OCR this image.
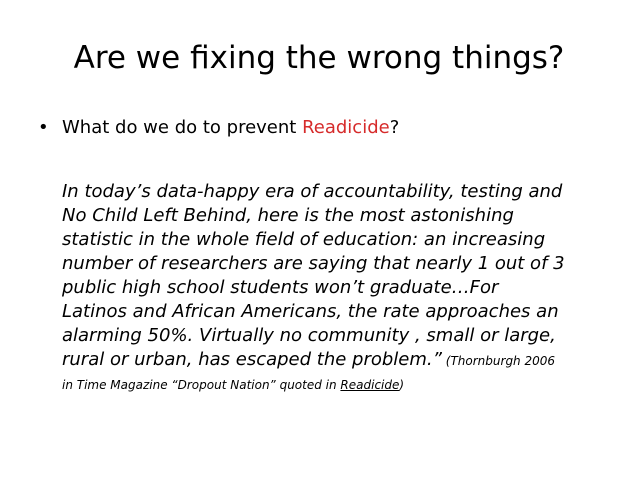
Are we fixing the wrong things?
• What do we do to prevent Readicide?
In today’s data-happy era of accountability, testing and
No Child Left Behind, here is the most astonishing
statistic in the whole field of education: an increasing
number of researchers are saying that nearly 1 out of 3
public high school students won’t graduate…For
Latinos and African Americans, the rate approaches an
alarming 50%. Virtually no community , small or large,
rural or urban, has escaped the problem.” (Thornburgh 2006
in Time Magazine “Dropout Nation” quoted in Readicide)
